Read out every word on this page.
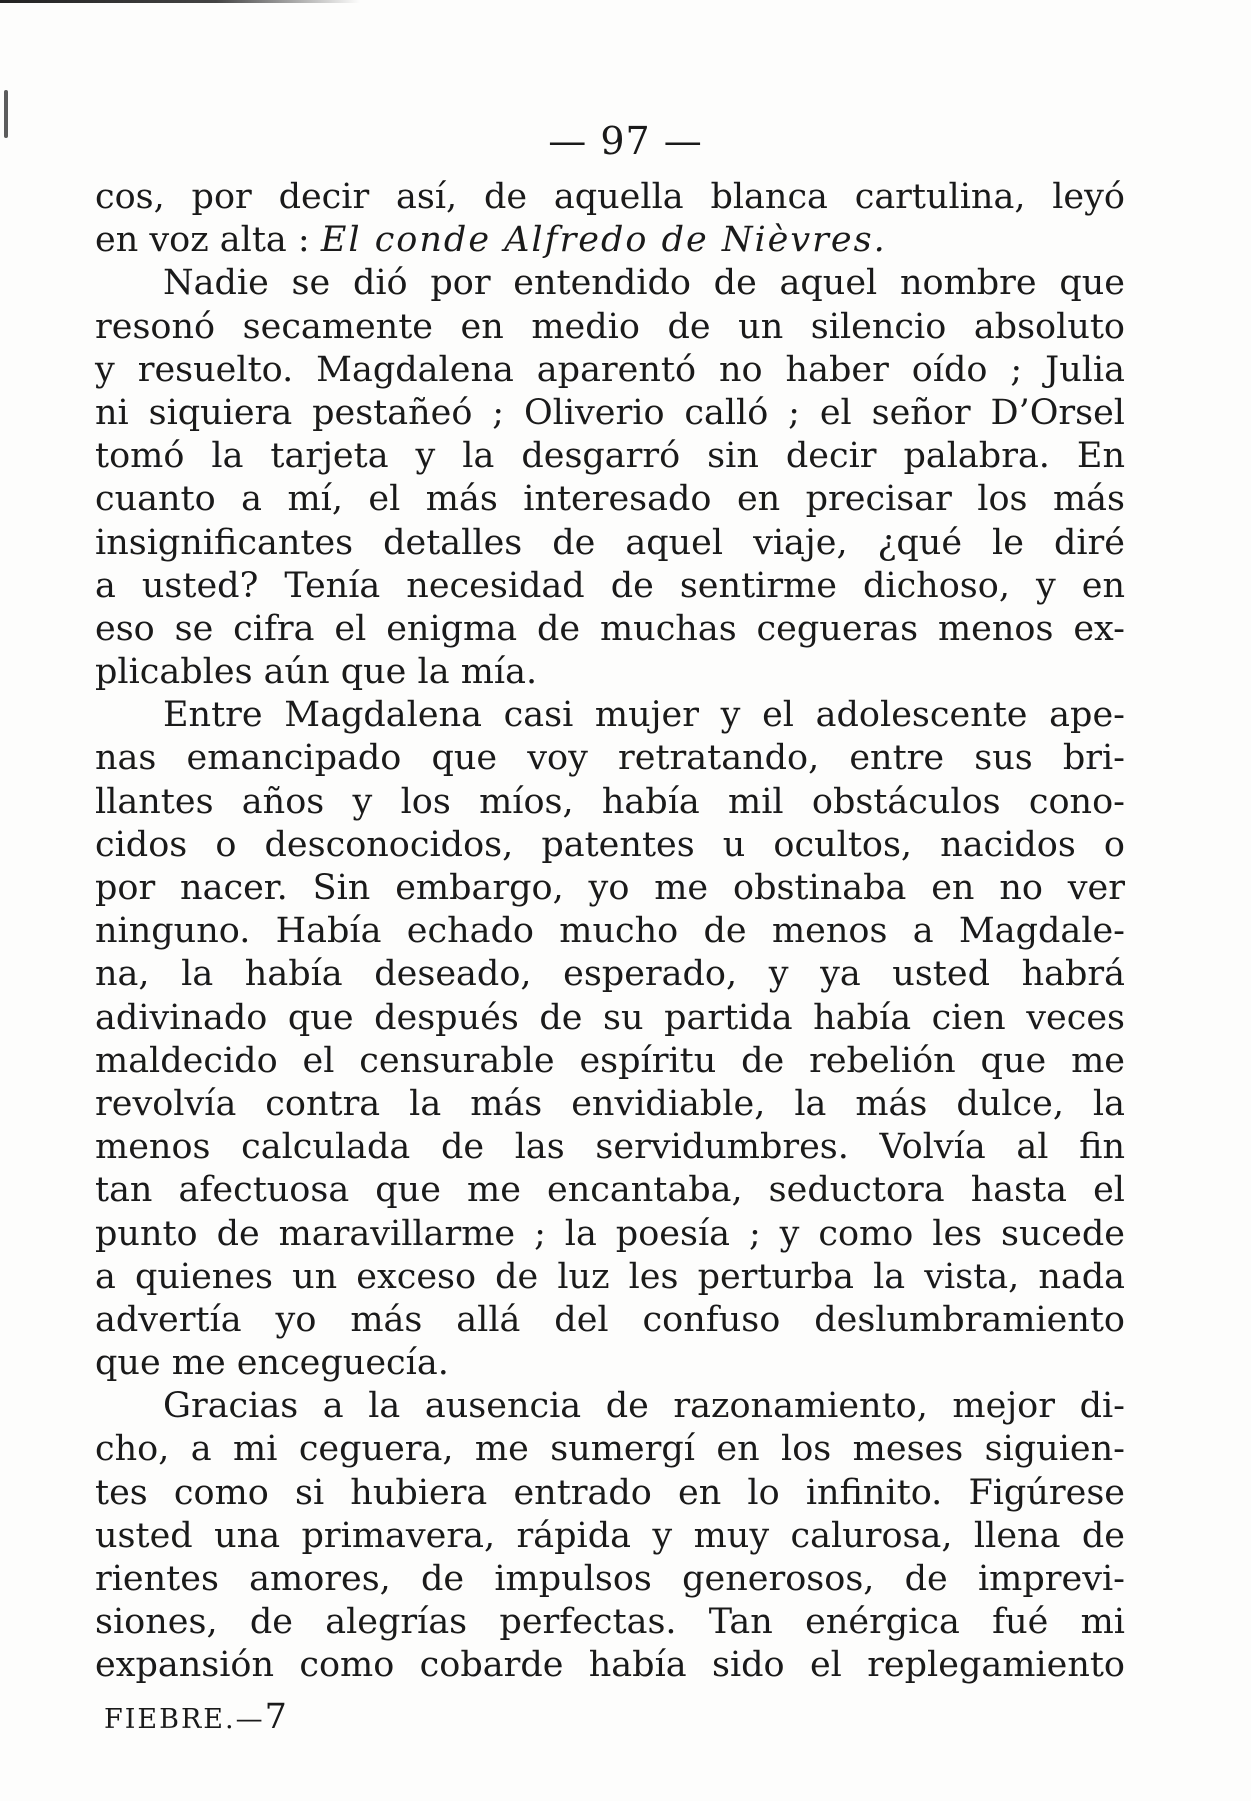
— 97 —
cos, por decir así, de aquella blanca cartulina, leyó
en voz alta : El conde Alfredo de Nièvres.
Nadie se dió por entendido de aquel nombre que
resonó secamente en medio de un silencio absoluto
y resuelto. Magdalena aparentó no haber oído ; Julia
ni siquiera pestañeó ; Oliverio calló ; el señor D’Orsel
tomó la tarjeta y la desgarró sin decir palabra. En
cuanto a mí, el más interesado en precisar los más
insignificantes detalles de aquel viaje, ¿qué le diré
a usted? Tenía necesidad de sentirme dichoso, y en
eso se cifra el enigma de muchas cegueras menos ex-
plicables aún que la mía.
Entre Magdalena casi mujer y el adolescente ape-
nas emancipado que voy retratando, entre sus bri-
llantes años y los míos, había mil obstáculos cono-
cidos o desconocidos, patentes u ocultos, nacidos o
por nacer. Sin embargo, yo me obstinaba en no ver
ninguno. Había echado mucho de menos a Magdale-
na, la había deseado, esperado, y ya usted habrá
adivinado que después de su partida había cien veces
maldecido el censurable espíritu de rebelión que me
revolvía contra la más envidiable, la más dulce, la
menos calculada de las servidumbres. Volvía al fin
tan afectuosa que me encantaba, seductora hasta el
punto de maravillarme ; la poesía ; y como les sucede
a quienes un exceso de luz les perturba la vista, nada
advertía yo más allá del confuso deslumbramiento
que me enceguecía.
Gracias a la ausencia de razonamiento, mejor di-
cho, a mi ceguera, me sumergí en los meses siguien-
tes como si hubiera entrado en lo infinito. Figúrese
usted una primavera, rápida y muy calurosa, llena de
rientes amores, de impulsos generosos, de imprevi-
siones, de alegrías perfectas. Tan enérgica fué mi
expansión como cobarde había sido el replegamiento
FIEBRE.—7
